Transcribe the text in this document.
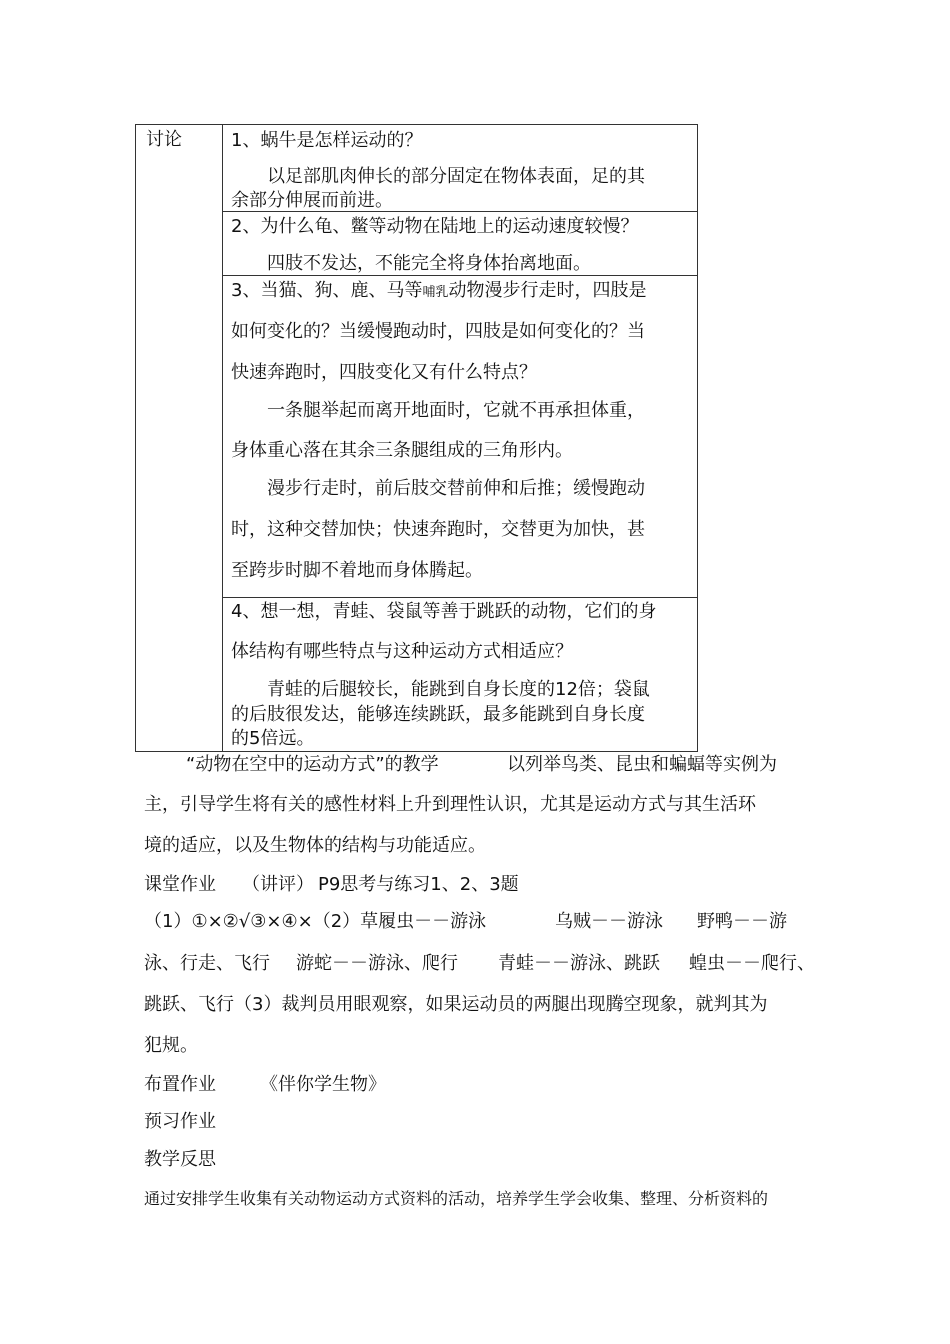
讨论	1、蜗牛是怎样运动的？
以足部肌肉伸长的部分固定在物体表面，足的其
余部分伸展而前进。
2、为什么龟、鳖等动物在陆地上的运动速度较慢？
四肢不发达，不能完全将身体抬离地面。
3、当猫、狗、鹿、马等哺乳动物漫步行走时，四肢是
如何变化的？当缓慢跑动时，四肢是如何变化的？当
快速奔跑时，四肢变化又有什么特点？
一条腿举起而离开地面时，它就不再承担体重，
身体重心落在其余三条腿组成的三角形内。
漫步行走时，前后肢交替前伸和后推；缓慢跑动
时，这种交替加快；快速奔跑时，交替更为加快，甚
至跨步时脚不着地而身体腾起。
4、想一想，青蛙、袋鼠等善于跳跃的动物，它们的身
体结构有哪些特点与这种运动方式相适应？
青蛙的后腿较长，能跳到自身长度的12倍；袋鼠
的后肢很发达，能够连续跳跃，最多能跳到自身长度
的5倍远。
“动物在空中的运动方式”的教学	以列举鸟类、昆虫和蝙蝠等实例为
主，引导学生将有关的感性材料上升到理性认识，尤其是运动方式与其生活环
境的适应，以及生物体的结构与功能适应。
课堂作业 （讲评） P9思考与练习1、2、3题
（1）①×②√③×④×（2）草履虫－－游泳	乌贼－－游泳 野鸭－－游
泳、行走、飞行 游蛇－－游泳、爬行 青蛙－－游泳、跳跃 蝗虫－－爬行、
跳跃、飞行（3）裁判员用眼观察，如果运动员的两腿出现腾空现象，就判其为
犯规。
布置作业 《伴你学生物》
预习作业
教学反思
通过安排学生收集有关动物运动方式资料的活动，培养学生学会收集、整理、分析资料的
